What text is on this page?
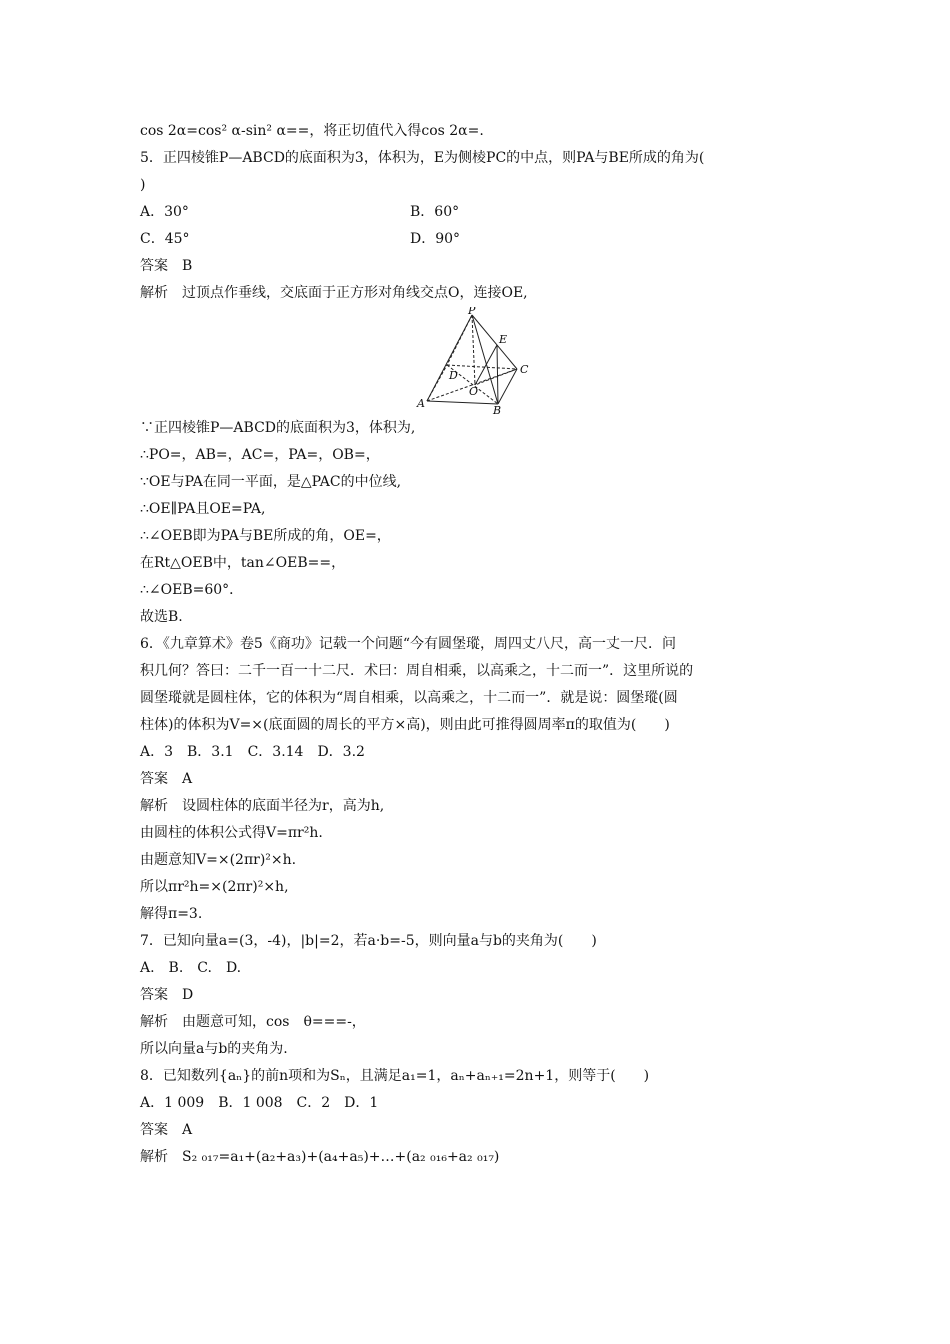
cos 2α=cos² α-sin² α==，将正切值代入得cos 2α=.
5．正四棱锥P—ABCD的底面积为3，体积为，E为侧棱PC的中点，则PA与BE所成的角为(
)
A．30°	B．60°
C．45°	D．90°
答案　B
解析　过顶点作垂线，交底面于正方形对角线交点O，连接OE,
P
E
C
D
O
A
B
∵正四棱锥P—ABCD的底面积为3，体积为,
∴PO=，AB=，AC=，PA=，OB=，
∵OE与PA在同一平面，是△PAC的中位线,
∴OE∥PA且OE=PA,
∴∠OEB即为PA与BE所成的角，OE=，
在Rt△OEB中，tan∠OEB==，
∴∠OEB=60°．
故选B.
6．《九章算术》卷5《商功》记载一个问题“今有圆堡瑽，周四丈八尺，高一丈一尺．问
积几何？答曰：二千一百一十二尺．术曰：周自相乘，以高乘之，十二而一”．这里所说的
圆堡瑽就是圆柱体，它的体积为“周自相乘，以高乘之，十二而一”．就是说：圆堡瑽(圆
柱体)的体积为V=×(底面圆的周长的平方×高)，则由此可推得圆周率π的取值为(　　)
A．3　B．3.1　C．3.14　D．3.2
答案　A
解析　设圆柱体的底面半径为r，高为h,
由圆柱的体积公式得V=πr²h.
由题意知V=×(2πr)²×h.
所以πr²h=×(2πr)²×h,
解得π=3.
7．已知向量a=(3，-4)，|b|=2，若a·b=-5，则向量a与b的夹角为(　　)
A.　B.　C.　D.
答案　D
解析　由题意可知，cos　θ===-，
所以向量a与b的夹角为.
8．已知数列{aₙ}的前n项和为Sₙ，且满足a₁=1，aₙ+aₙ₊₁=2n+1，则等于(　　)
A．1 009　B．1 008　C．2　D．1
答案　A
解析　S₂ ₀₁₇=a₁+(a₂+a₃)+(a₄+a₅)+…+(a₂ ₀₁₆+a₂ ₀₁₇)
